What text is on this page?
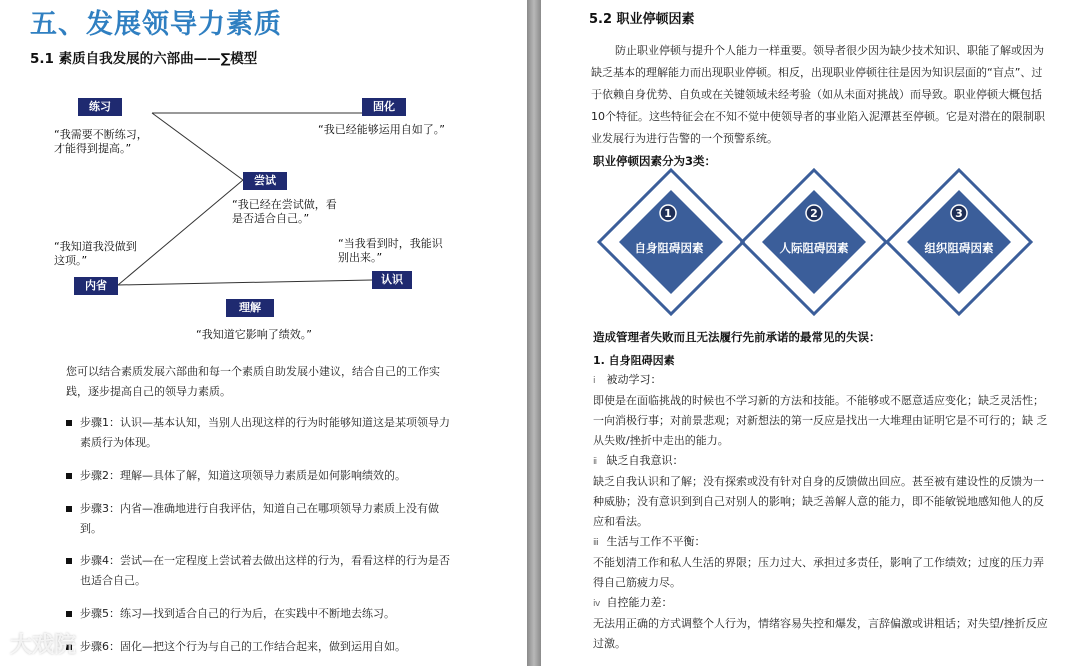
五、发展领导力素质
5.1 素质自我发展的六部曲——∑模型
练习	固化
尝试
内省	认识
理解
“我需要不断练习，
才能得到提高。”
“我已经能够运用自如了。”
“我已经在尝试做，看
是否适合自己。”
“我知道我没做到
这项。”
“当我看到时，我能识
别出来。”
“我知道它影响了绩效。”
您可以结合素质发展六部曲和每一个素质自助发展小建议，结合自己的工作实践，逐步提高自己的领导力素质。
步骤1：认识—基本认知，当别人出现这样的行为时能够知道这是某项领导力素质行为体现。
步骤2：理解—具体了解，知道这项领导力素质是如何影响绩效的。
步骤3：内省—准确地进行自我评估，知道自己在哪项领导力素质上没有做到。
步骤4：尝试—在一定程度上尝试着去做出这样的行为，看看这样的行为是否也适合自己。
步骤5：练习—找到适合自己的行为后，在实践中不断地去练习。
步骤6：固化—把这个行为与自己的工作结合起来，做到运用自如。
大戏院
5.2 职业停顿因素
防止职业停顿与提升个人能力一样重要。领导者很少因为缺少技术知识、职能了解或因为缺乏基本的理解能力而出现职业停顿。相反，出现职业停顿往往是因为知识层面的“盲点”、过于依赖自身优势、自负或在关键领域未经考验（如从未面对挑战）而导致。职业停顿大概包括10个特征。这些特征会在不知不觉中使领导者的事业陷入泥潭甚至停顿。它是对潜在的限制职业发展行为进行告警的一个预警系统。
职业停顿因素分为3类：
1	2	3
自身阻碍因素	人际阻碍因素	组织阻碍因素
造成管理者失败而且无法履行先前承诺的最常见的失误：
1. 自身阻碍因素
ⅰ 被动学习：
即使是在面临挑战的时候也不学习新的方法和技能。不能够或不愿意适应变化；缺乏灵活性；一向消极行事；对前景悲观；对新想法的第一反应是找出一大堆理由证明它是不可行的；缺 乏从失败/挫折中走出的能力。
ⅱ 缺乏自我意识：
缺乏自我认识和了解；没有探索或没有针对自身的反馈做出回应。甚至被有建设性的反馈为一种威胁；没有意识到到自己对别人的影响；缺乏善解人意的能力，即不能敏锐地感知他人的反应和看法。
ⅲ 生活与工作不平衡：
不能划清工作和私人生活的界限；压力过大、承担过多责任，影响了工作绩效；过度的压力弄得自己筋疲力尽。
ⅳ 自控能力差：
无法用正确的方式调整个人行为，情绪容易失控和爆发，言辞偏激或讲粗话；对失望/挫折反应过激。
